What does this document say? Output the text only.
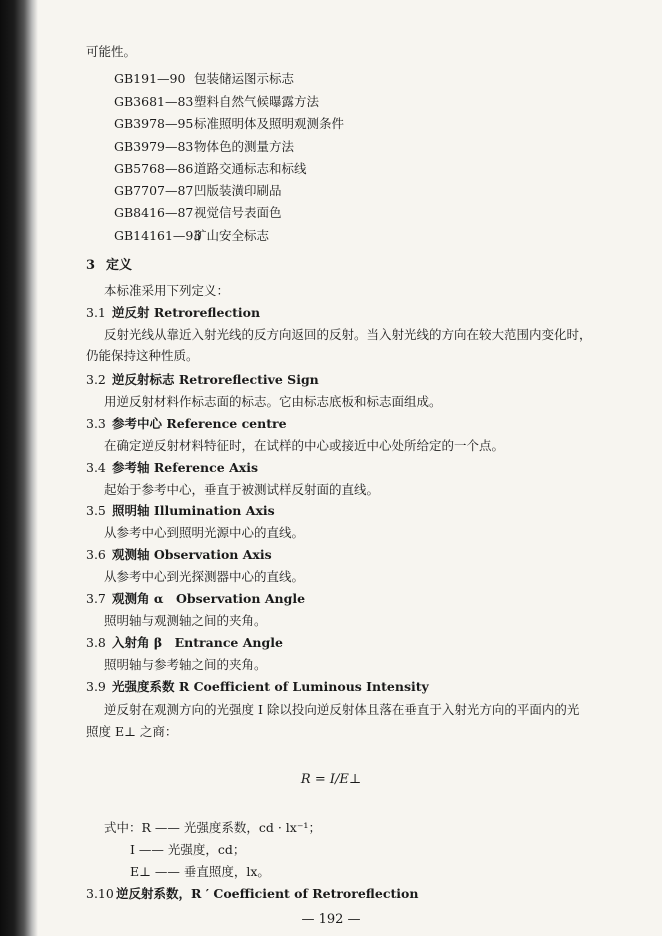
可能性。
GB191—90 包装储运图示标志
GB3681—83塑料自然气候曝露方法
GB3978—95标准照明体及照明观测条件
GB3979—83物体色的测量方法
GB5768—86道路交通标志和标线
GB7707—87凹版装潢印刷品
GB8416—87视觉信号表面色
GB14161—93矿山安全标志
3 定义
本标准采用下列定义：
3.1 逆反射 Retroreflection
反射光线从靠近入射光线的反方向返回的反射。当入射光线的方向在较大范围内变化时，
仍能保持这种性质。
3.2 逆反射标志 Retroreflective Sign
用逆反射材料作标志面的标志。它由标志底板和标志面组成。
3.3 参考中心 Reference centre
在确定逆反射材料特征时，在试样的中心或接近中心处所给定的一个点。
3.4 参考轴 Reference Axis
起始于参考中心，垂直于被测试样反射面的直线。
3.5 照明轴 Illumination Axis
从参考中心到照明光源中心的直线。
3.6 观测轴 Observation Axis
从参考中心到光探测器中心的直线。
3.7 观测角 α　Observation Angle
照明轴与观测轴之间的夹角。
3.8 入射角 β　Entrance Angle
照明轴与参考轴之间的夹角。
3.9 光强度系数 R Coefficient of Luminous Intensity
逆反射在观测方向的光强度 I 除以投向逆反射体且落在垂直于入射光方向的平面内的光
照度 E⊥ 之商：
R = I/E⊥
式中：R —— 光强度系数，cd · lx⁻¹；
I —— 光强度，cd；
E⊥ —— 垂直照度，lx。
3.10 逆反射系数，R ′ Coefficient of Retroreflection
— 192 —
